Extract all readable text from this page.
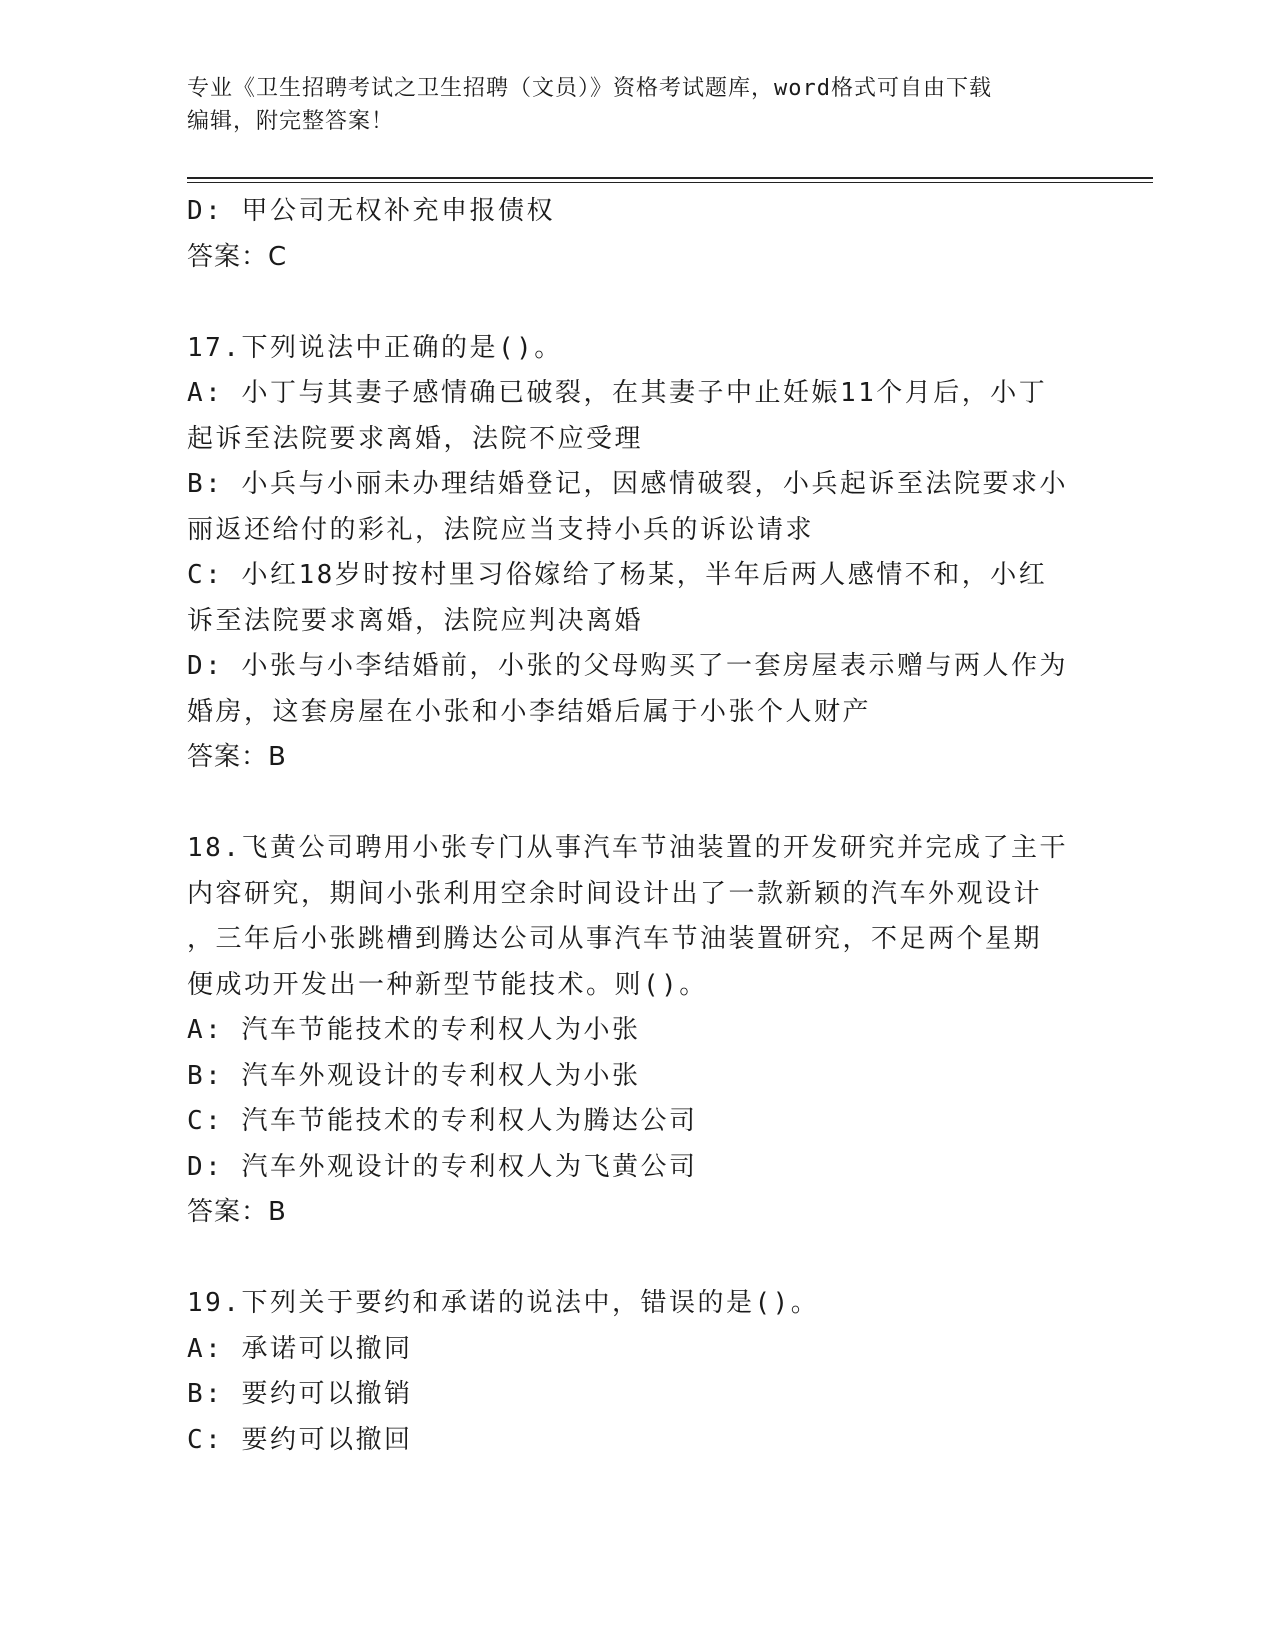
专业《卫生招聘考试之卫生招聘（文员）》资格考试题库，word格式可自由下载
编辑，附完整答案！
D: 甲公司无权补充申报债权
答案：C
17.下列说法中正确的是()。
A: 小丁与其妻子感情确已破裂，在其妻子中止妊娠11个月后，小丁
起诉至法院要求离婚，法院不应受理
B: 小兵与小丽未办理结婚登记，因感情破裂，小兵起诉至法院要求小
丽返还给付的彩礼，法院应当支持小兵的诉讼请求
C: 小红18岁时按村里习俗嫁给了杨某，半年后两人感情不和，小红
诉至法院要求离婚，法院应判决离婚
D: 小张与小李结婚前，小张的父母购买了一套房屋表示赠与两人作为
婚房，这套房屋在小张和小李结婚后属于小张个人财产
答案：B
18.飞黄公司聘用小张专门从事汽车节油装置的开发研究并完成了主干
内容研究，期间小张利用空余时间设计出了一款新颖的汽车外观设计
，三年后小张跳槽到腾达公司从事汽车节油装置研究，不足两个星期
便成功开发出一种新型节能技术。则()。
A: 汽车节能技术的专利权人为小张
B: 汽车外观设计的专利权人为小张
C: 汽车节能技术的专利权人为腾达公司
D: 汽车外观设计的专利权人为飞黄公司
答案：B
19.下列关于要约和承诺的说法中，错误的是()。
A: 承诺可以撤同
B: 要约可以撤销
C: 要约可以撤回
